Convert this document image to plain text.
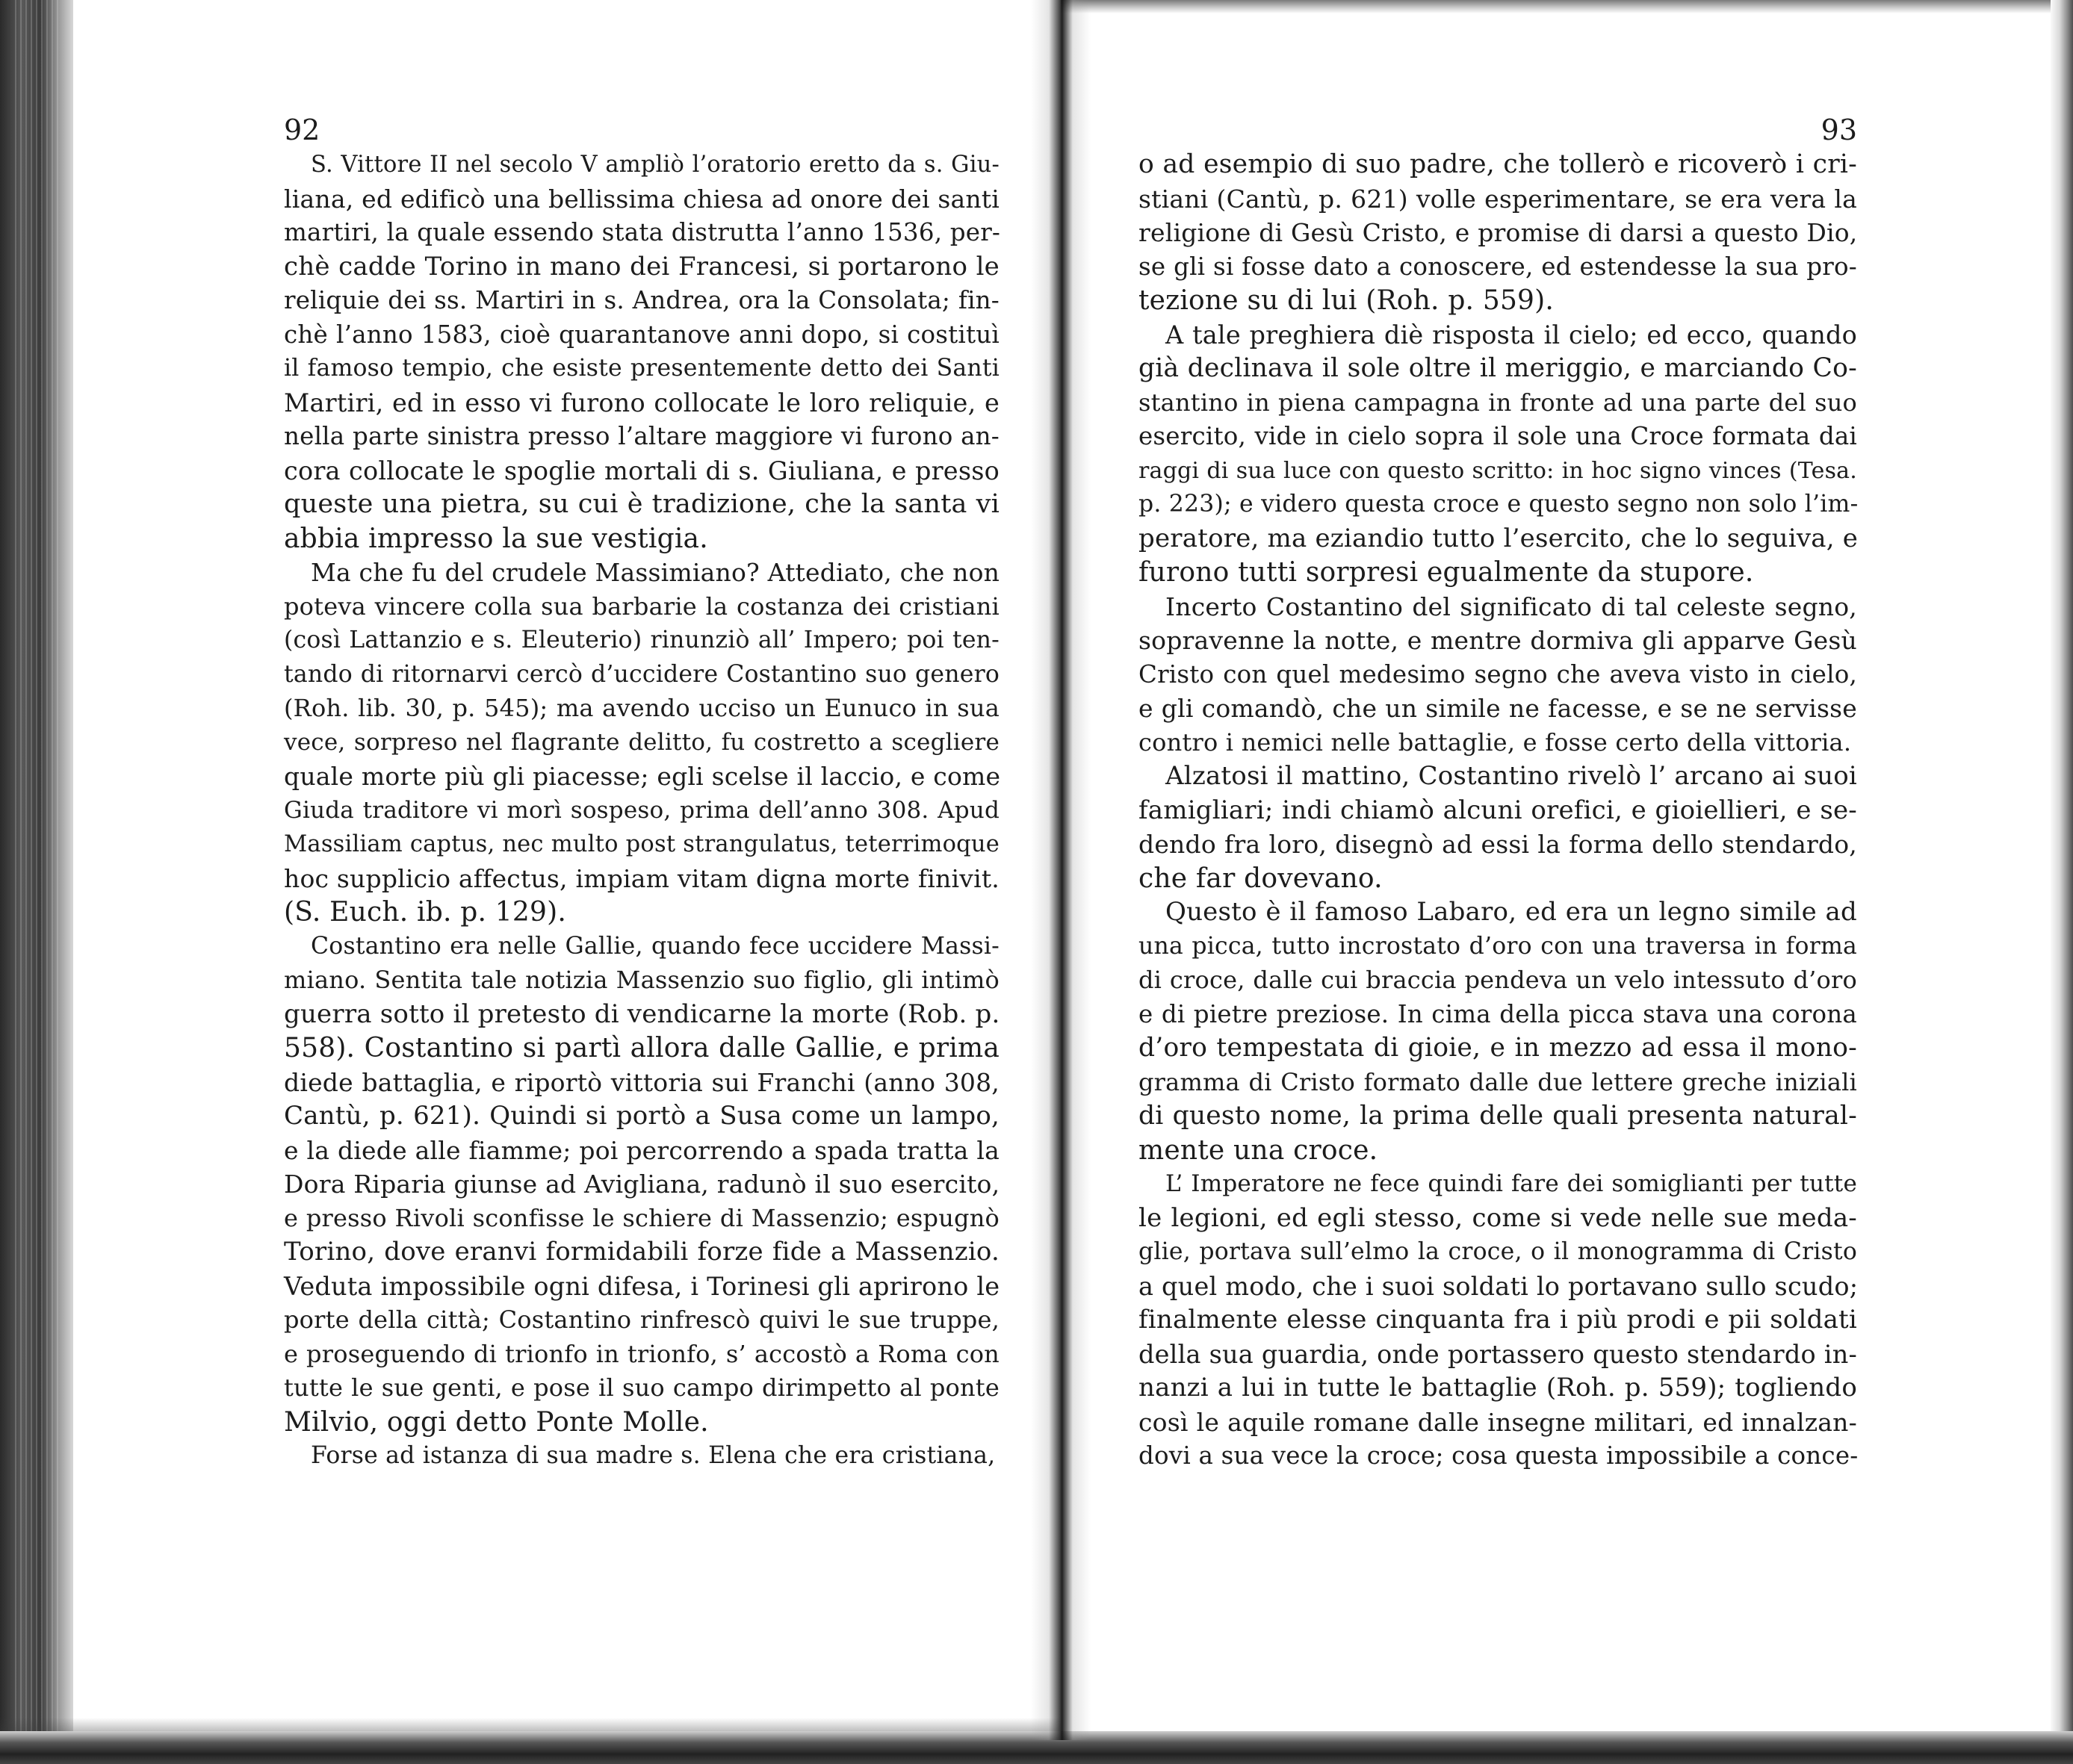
92
S. Vittore II nel secolo V ampliò l’oratorio eretto da s. Giu-
liana, ed edificò una bellissima chiesa ad onore dei santi
martiri, la quale essendo stata distrutta l’anno 1536, per-
chè cadde Torino in mano dei Francesi, si portarono le
reliquie dei ss. Martiri in s. Andrea, ora la Consolata; fin-
chè l’anno 1583, cioè quarantanove anni dopo, si costituì
il famoso tempio, che esiste presentemente detto dei Santi
Martiri, ed in esso vi furono collocate le loro reliquie, e
nella parte sinistra presso l’altare maggiore vi furono an-
cora collocate le spoglie mortali di s. Giuliana, e presso
queste una pietra, su cui è tradizione, che la santa vi
abbia impresso la sue vestigia.
Ma che fu del crudele Massimiano? Attediato, che non
poteva vincere colla sua barbarie la costanza dei cristiani
(così Lattanzio e s. Eleuterio) rinunziò all’ Impero; poi ten-
tando di ritornarvi cercò d’uccidere Costantino suo genero
(Roh. lib. 30, p. 545); ma avendo ucciso un Eunuco in sua
vece, sorpreso nel flagrante delitto, fu costretto a scegliere
quale morte più gli piacesse; egli scelse il laccio, e come
Giuda traditore vi morì sospeso, prima dell’anno 308. Apud
Massiliam captus, nec multo post strangulatus, teterrimoque
hoc supplicio affectus, impiam vitam digna morte finivit.
(S. Euch. ib. p. 129).
Costantino era nelle Gallie, quando fece uccidere Massi-
miano. Sentita tale notizia Massenzio suo figlio, gli intimò
guerra sotto il pretesto di vendicarne la morte (Rob. p.
558). Costantino si partì allora dalle Gallie, e prima
diede battaglia, e riportò vittoria sui Franchi (anno 308,
Cantù, p. 621). Quindi si portò a Susa come un lampo,
e la diede alle fiamme; poi percorrendo a spada tratta la
Dora Riparia giunse ad Avigliana, radunò il suo esercito,
e presso Rivoli sconfisse le schiere di Massenzio; espugnò
Torino, dove eranvi formidabili forze fide a Massenzio.
Veduta impossibile ogni difesa, i Torinesi gli aprirono le
porte della città; Costantino rinfrescò quivi le sue truppe,
e proseguendo di trionfo in trionfo, s’ accostò a Roma con
tutte le sue genti, e pose il suo campo dirimpetto al ponte
Milvio, oggi detto Ponte Molle.
Forse ad istanza di sua madre s. Elena che era cristiana,
93
o ad esempio di suo padre, che tollerò e ricoverò i cri-
stiani (Cantù, p. 621) volle esperimentare, se era vera la
religione di Gesù Cristo, e promise di darsi a questo Dio,
se gli si fosse dato a conoscere, ed estendesse la sua pro-
tezione su di lui (Roh. p. 559).
A tale preghiera diè risposta il cielo; ed ecco, quando
già declinava il sole oltre il meriggio, e marciando Co-
stantino in piena campagna in fronte ad una parte del suo
esercito, vide in cielo sopra il sole una Croce formata dai
raggi di sua luce con questo scritto: in hoc signo vinces (Tesa.
p. 223); e videro questa croce e questo segno non solo l’im-
peratore, ma eziandio tutto l’esercito, che lo seguiva, e
furono tutti sorpresi egualmente da stupore.
Incerto Costantino del significato di tal celeste segno,
sopravenne la notte, e mentre dormiva gli apparve Gesù
Cristo con quel medesimo segno che aveva visto in cielo,
e gli comandò, che un simile ne facesse, e se ne servisse
contro i nemici nelle battaglie, e fosse certo della vittoria.
Alzatosi il mattino, Costantino rivelò l’ arcano ai suoi
famigliari; indi chiamò alcuni orefici, e gioiellieri, e se-
dendo fra loro, disegnò ad essi la forma dello stendardo,
che far dovevano.
Questo è il famoso Labaro, ed era un legno simile ad
una picca, tutto incrostato d’oro con una traversa in forma
di croce, dalle cui braccia pendeva un velo intessuto d’oro
e di pietre preziose. In cima della picca stava una corona
d’oro tempestata di gioie, e in mezzo ad essa il mono-
gramma di Cristo formato dalle due lettere greche iniziali
di questo nome, la prima delle quali presenta natural-
mente una croce.
L’ Imperatore ne fece quindi fare dei somiglianti per tutte
le legioni, ed egli stesso, come si vede nelle sue meda-
glie, portava sull’elmo la croce, o il monogramma di Cristo
a quel modo, che i suoi soldati lo portavano sullo scudo;
finalmente elesse cinquanta fra i più prodi e pii soldati
della sua guardia, onde portassero questo stendardo in-
nanzi a lui in tutte le battaglie (Roh. p. 559); togliendo
così le aquile romane dalle insegne militari, ed innalzan-
dovi a sua vece la croce; cosa questa impossibile a conce-
